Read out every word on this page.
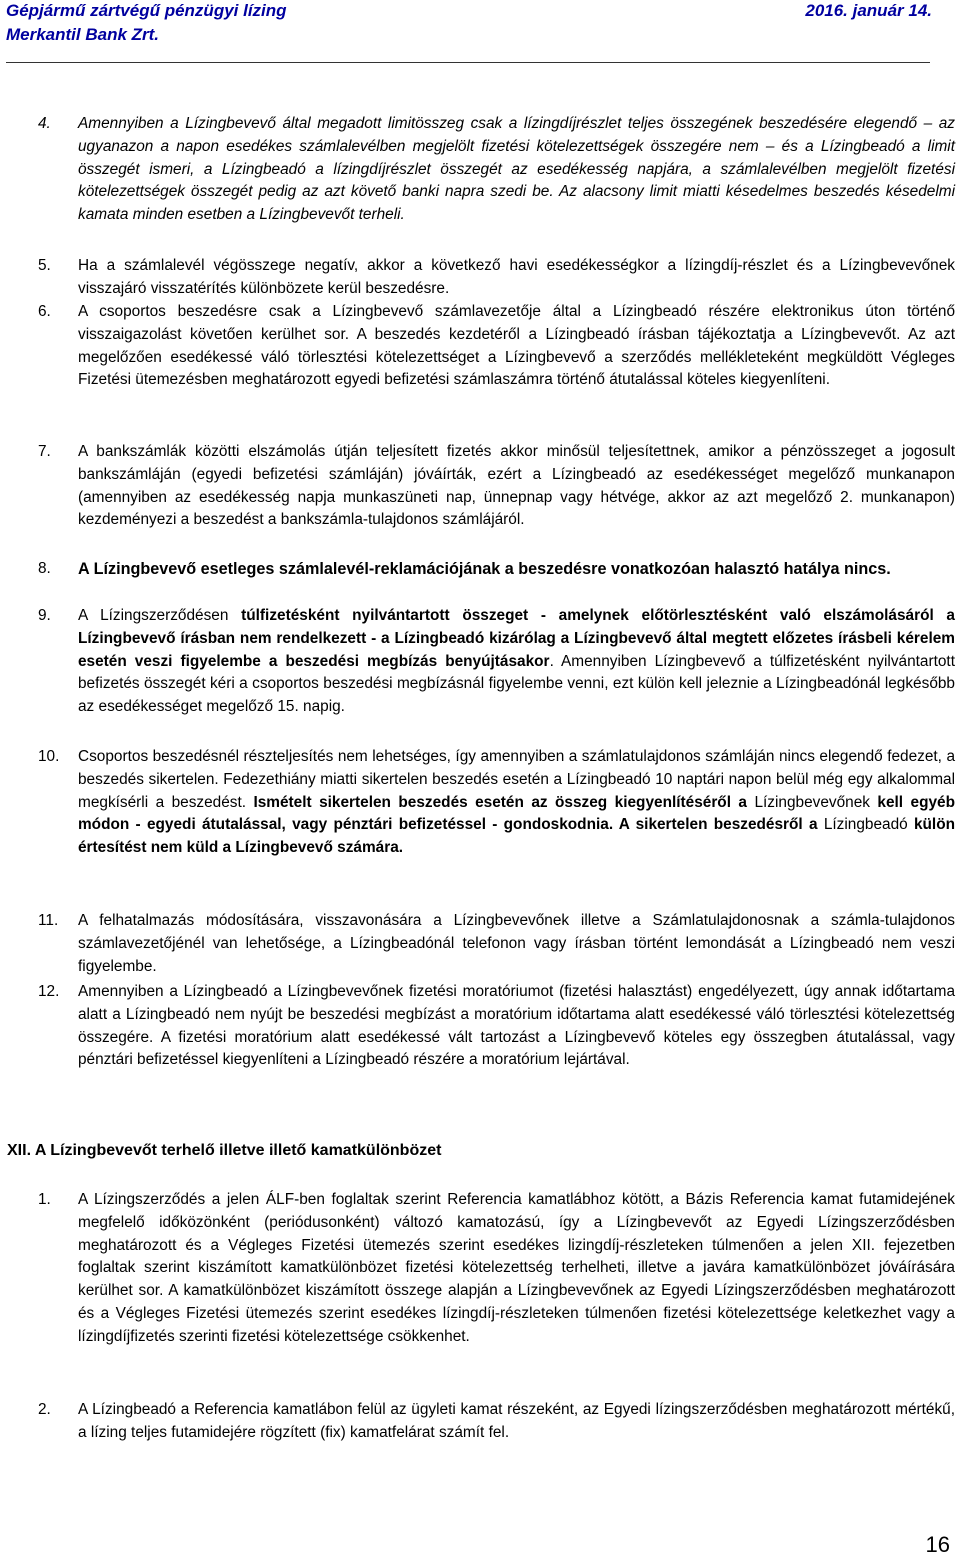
Gépjármű zártvégű pénzügyi lízing
Merkantil Bank Zrt.
2016. január 14.
4.	Amennyiben a Lízingbevevő által megadott limitösszeg csak a lízingdíjrészlet teljes összegének beszedésére elegendő – az ugyanazon a napon esedékes számlalevélben megjelölt fizetési kötelezettségek összegére nem – és a Lízingbeadó a limit összegét ismeri, a Lízingbeadó a lízingdíjrészlet összegét az esedékesség napjára, a számlalevélben megjelölt fizetési kötelezettségek összegét pedig az azt követő banki napra szedi be. Az alacsony limit miatti késedelmes beszedés késedelmi kamata minden esetben a Lízingbevevőt terheli.

5.	Ha a számlalevél végösszege negatív, akkor a következő havi esedékességkor a lízingdíj-részlet és a Lízingbevevőnek visszajáró visszatérítés különbözete kerül beszedésre.

6.	A csoportos beszedésre csak a Lízingbevevő számlavezetője által a Lízingbeadó részére elektronikus úton történő visszaigazolást követően kerülhet sor. A beszedés kezdetéről a Lízingbeadó írásban tájékoztatja a Lízingbevevőt. Az azt megelőzően esedékessé váló törlesztési kötelezettséget a Lízingbevevő a szerződés mellékleteként megküldött Végleges Fizetési ütemezésben meghatározott egyedi befizetési számlaszámra történő átutalással köteles kiegyenlíteni.

7.	A bankszámlák közötti elszámolás útján teljesített fizetés akkor minősül teljesítettnek, amikor a pénzösszeget a jogosult bankszámláján (egyedi befizetési számláján) jóváírták, ezért a Lízingbeadó az esedékességet megelőző munkanapon (amennyiben az esedékesség napja munkaszüneti nap, ünnepnap vagy hétvége, akkor az azt megelőző 2. munkanapon) kezdeményezi a beszedést a bankszámla-tulajdonos számlájáról.

8.	A Lízingbevevő esetleges számlalevél-reklamációjának a beszedésre vonatkozóan halasztó hatálya nincs.

9.	A Lízingszerződésen túlfizetésként nyilvántartott összeget - amelynek előtörlesztésként való elszámolásáról a Lízingbevevő írásban nem rendelkezett - a Lízingbeadó kizárólag a Lízingbevevő által megtett előzetes írásbeli kérelem esetén veszi figyelembe a beszedési megbízás benyújtásakor. Amennyiben Lízingbevevő a túlfizetésként nyilvántartott befizetés összegét kéri a csoportos beszedési megbízásnál figyelembe venni, ezt külön kell jeleznie a Lízingbeadónál legkésőbb az esedékességet megelőző 15. napig.

10.	Csoportos beszedésnél részteljesítés nem lehetséges, így amennyiben a számlatulajdonos számláján nincs elegendő fedezet, a beszedés sikertelen. Fedezethiány miatti sikertelen beszedés esetén a Lízingbeadó 10 naptári napon belül még egy alkalommal megkísérli a beszedést. Ismételt sikertelen beszedés esetén az összeg kiegyenlítéséről a Lízingbevevőnek kell egyéb módon - egyedi átutalással, vagy pénztári befizetéssel - gondoskodnia. A sikertelen beszedésről a Lízingbeadó külön értesítést nem küld a Lízingbevevő számára.

11.	A felhatalmazás módosítására, visszavonására a Lízingbevevőnek illetve a Számlatulajdonosnak a számla-tulajdonos számlavezetőjénél van lehetősége, a Lízingbeadónál telefonon vagy írásban történt lemondását a Lízingbeadó nem veszi figyelembe.

12.	Amennyiben a Lízingbeadó a Lízingbevevőnek fizetési moratóriumot (fizetési halasztást) engedélyezett, úgy annak időtartama alatt a Lízingbeadó nem nyújt be beszedési megbízást a moratórium időtartama alatt esedékessé váló törlesztési kötelezettség összegére. A fizetési moratórium alatt esedékessé vált tartozást a Lízingbevevő köteles egy összegben átutalással, vagy pénztári befizetéssel kiegyenlíteni a Lízingbeadó részére a moratórium lejártával.

XII. A Lízingbevevőt terhelő illetve illető kamatkülönbözet
1.	A Lízingszerződés a jelen ÁLF-ben foglaltak szerint Referencia kamatlábhoz kötött, a Bázis Referencia kamat futamidejének megfelelő időközönként (periódusonként) változó kamatozású, így a Lízingbevevőt az Egyedi Lízingszerződésben meghatározott és a Végleges Fizetési ütemezés szerint esedékes lizingdíj-részleteken túlmenően a jelen XII. fejezetben foglaltak szerint kiszámított kamatkülönbözet fizetési kötelezettség terhelheti, illetve a javára kamatkülönbözet jóváírására kerülhet sor. A kamatkülönbözet kiszámított összege alapján a Lízingbevevőnek az Egyedi Lízingszerződésben meghatározott és a Végleges Fizetési ütemezés szerint esedékes lízingdíj-részleteken túlmenően fizetési kötelezettsége keletkezhet vagy a lízingdíjfizetés szerinti fizetési kötelezettsége csökkenhet.

2.	A Lízingbeadó a Referencia kamatlábon felül az ügyleti kamat részeként, az Egyedi lízingszerződésben meghatározott mértékű, a lízing teljes futamidejére rögzített (fix) kamatfelárat számít fel.

16
